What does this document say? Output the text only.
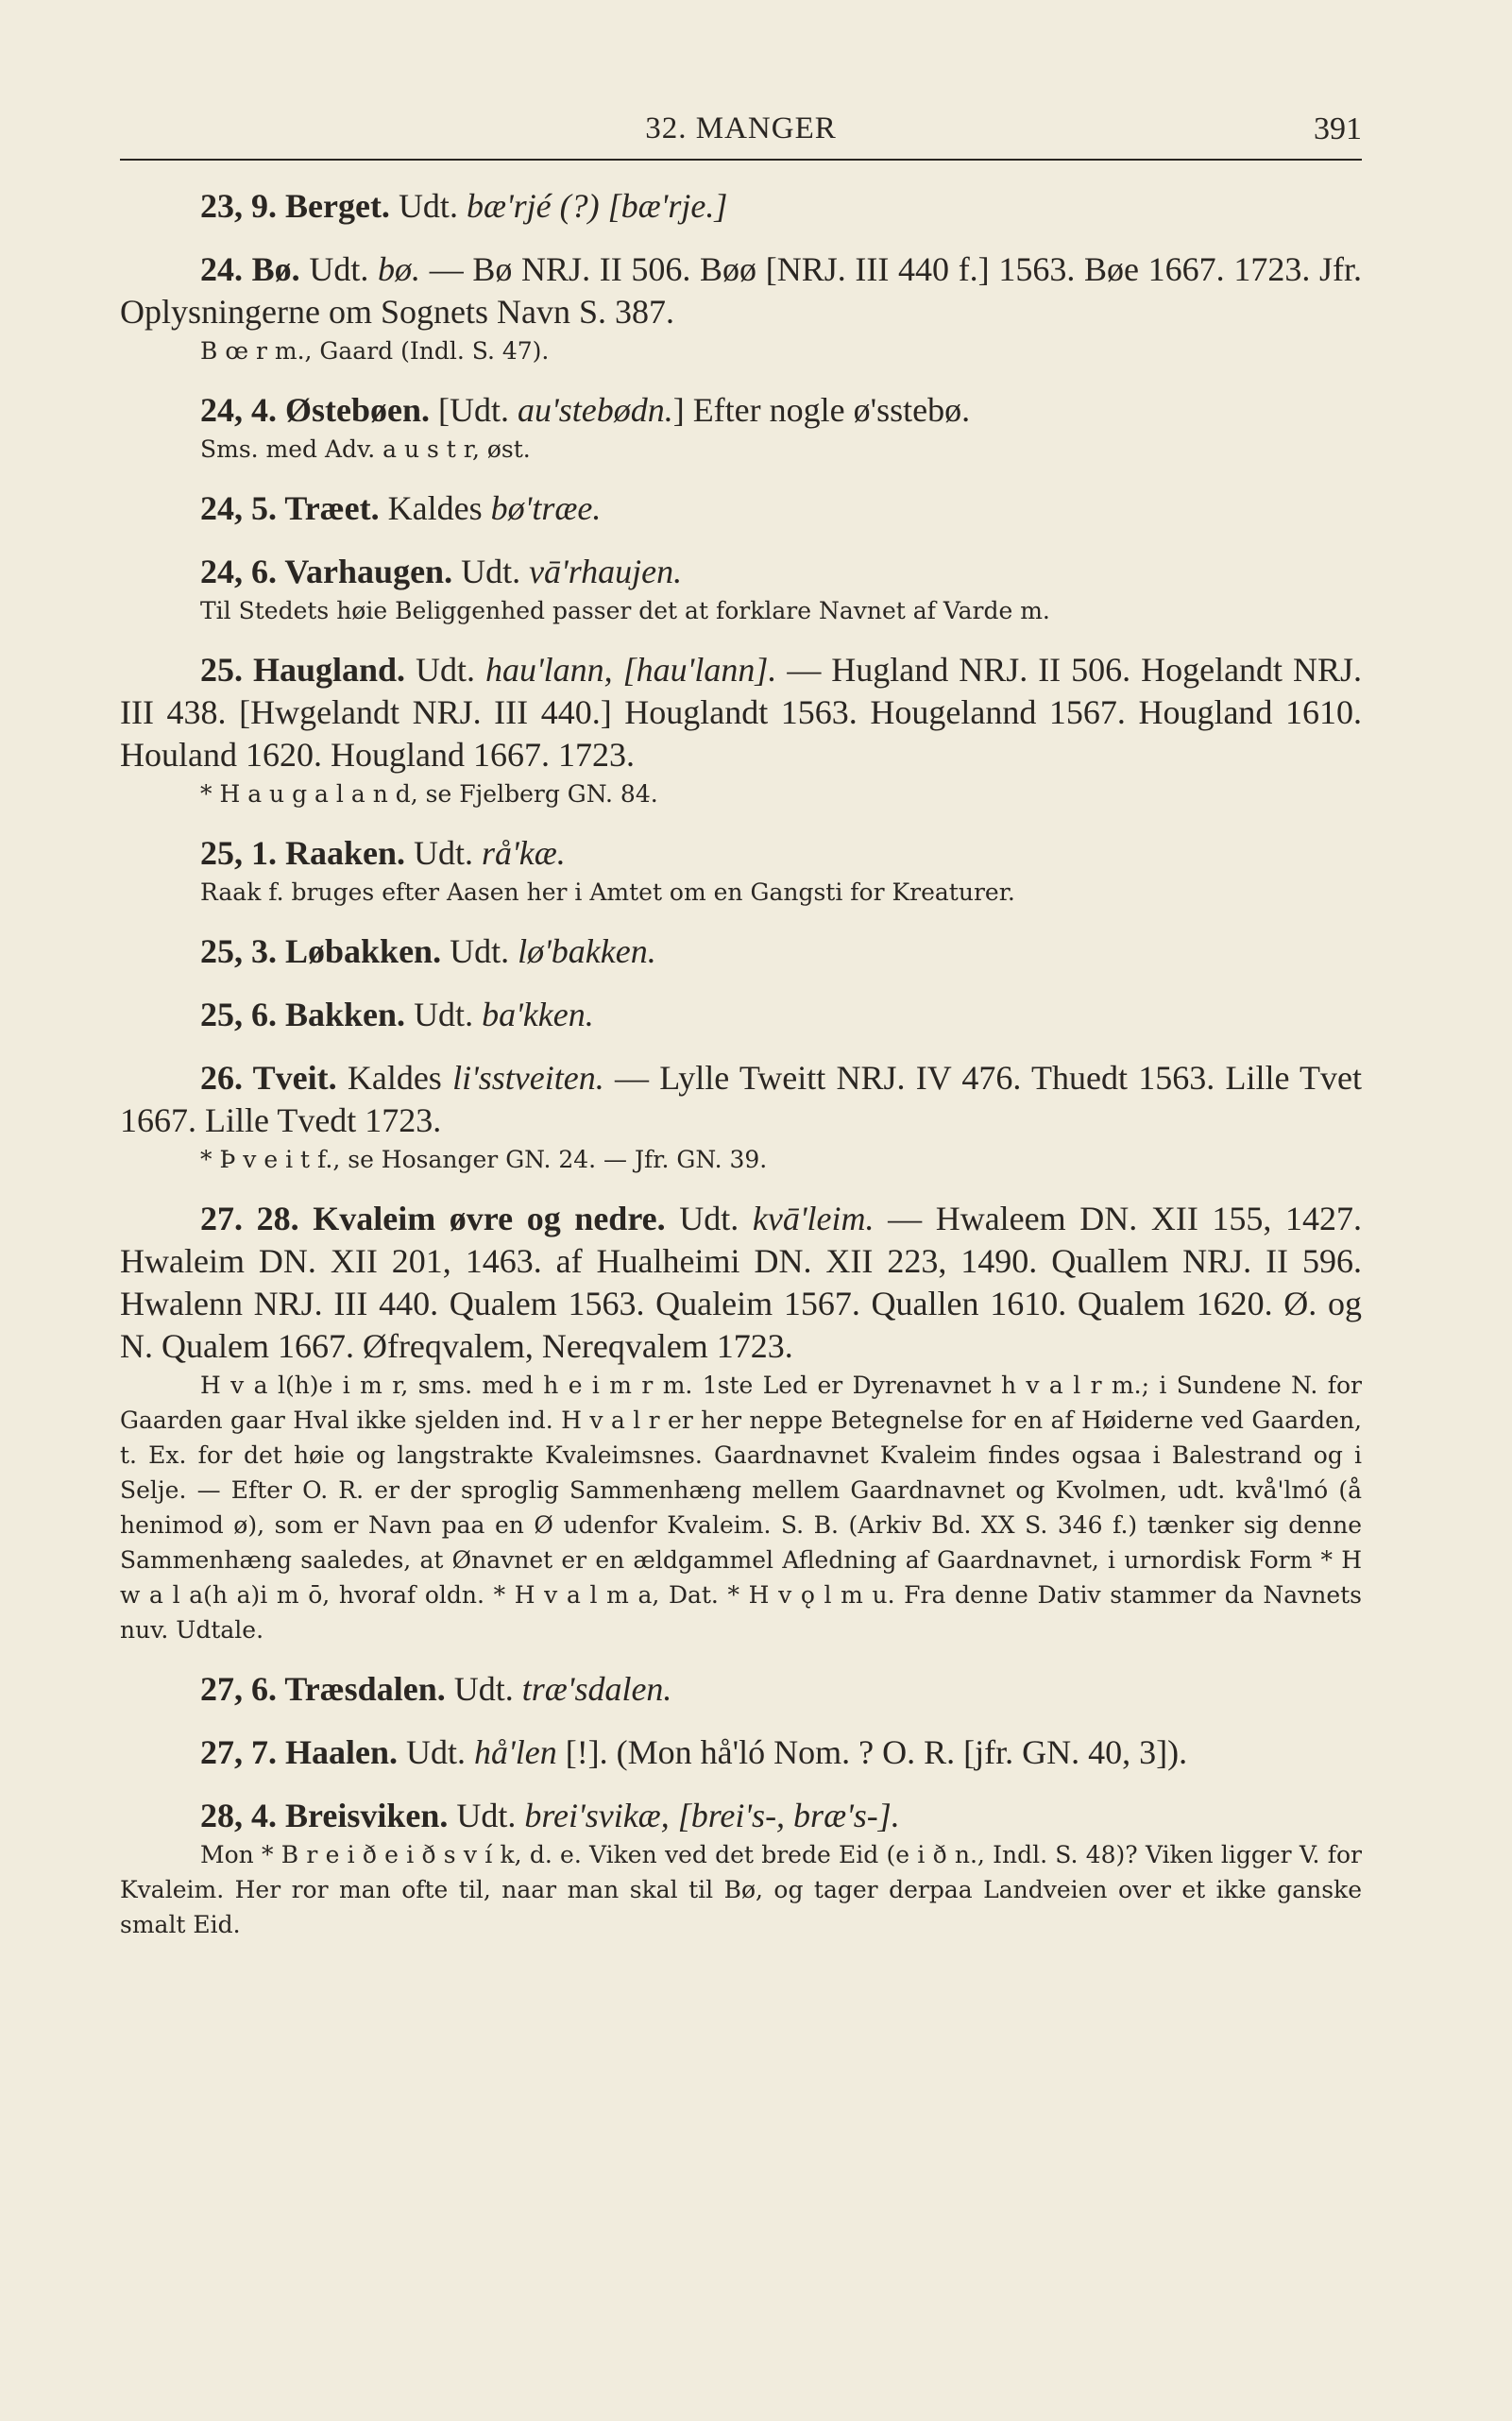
32. MANGER	391

23, 9. Berget. Udt. bæ'rjé (?) [bæ'rje.]

24. Bø. Udt. bø. — Bø NRJ. II 506. Bøø [NRJ. III 440 f.] 1563. Bøe 1667. 1723. Jfr. Oplysningerne om Sognets Navn S. 387.

B œ r m., Gaard (Indl. S. 47).

24, 4. Østebøen. [Udt. au'stebødn.] Efter nogle ø'sstebø.

Sms. med Adv. a u s t r, øst.

24, 5. Træet. Kaldes bø'træe.

24, 6. Varhaugen. Udt. vā'rhaujen.

Til Stedets høie Beliggenhed passer det at forklare Navnet af Varde m.

25. Haugland. Udt. hau'lann, [hau'lann]. — Hugland NRJ. II 506. Hogelandt NRJ. III 438. [Hwgelandt NRJ. III 440.] Houglandt 1563. Hougelannd 1567. Hougland 1610. Houland 1620. Hougland 1667. 1723.

* H a u g a l a n d, se Fjelberg GN. 84.

25, 1. Raaken. Udt. rå'kæ.

Raak f. bruges efter Aasen her i Amtet om en Gangsti for Kreaturer.

25, 3. Løbakken. Udt. lø'bakken.

25, 6. Bakken. Udt. ba'kken.

26. Tveit. Kaldes li'sstveiten. — Lylle Tweitt NRJ. IV 476. Thuedt 1563. Lille Tvet 1667. Lille Tvedt 1723.

* Þ v e i t f., se Hosanger GN. 24. — Jfr. GN. 39.

27. 28. Kvaleim øvre og nedre. Udt. kvā'leim. — Hwaleem DN. XII 155, 1427. Hwaleim DN. XII 201, 1463. af Hualheimi DN. XII 223, 1490. Quallem NRJ. II 596. Hwalenn NRJ. III 440. Qualem 1563. Qualeim 1567. Quallen 1610. Qualem 1620. Ø. og N. Qualem 1667. Øfreqvalem, Nereqvalem 1723.

H v a l(h)e i m r, sms. med h e i m r m. 1ste Led er Dyrenavnet h v a l r m.; i Sundene N. for Gaarden gaar Hval ikke sjelden ind. H v a l r er her neppe Betegnelse for en af Høiderne ved Gaarden, t. Ex. for det høie og langstrakte Kvaleimsnes. Gaardnavnet Kvaleim findes ogsaa i Balestrand og i Selje. — Efter O. R. er der sproglig Sammenhæng mellem Gaardnavnet og Kvolmen, udt. kvå'lmó (å henimod ø), som er Navn paa en Ø udenfor Kvaleim. S. B. (Arkiv Bd. XX S. 346 f.) tænker sig denne Sammenhæng saaledes, at Ønavnet er en ældgammel Afledning af Gaardnavnet, i urnordisk Form * H w a l a(h a)i m ō, hvoraf oldn. * H v a l m a, Dat. * H v ǫ l m u. Fra denne Dativ stammer da Navnets nuv. Udtale.

27, 6. Træsdalen. Udt. træ'sdalen.

27, 7. Haalen. Udt. hå'len [!]. (Mon hå'ló Nom. ? O. R. [jfr. GN. 40, 3]).

28, 4. Breisviken. Udt. brei'svikæ, [brei's-, bræ's-].

Mon * B r e i ð e i ð s v í k, d. e. Viken ved det brede Eid (e i ð n., Indl. S. 48)? Viken ligger V. for Kvaleim. Her ror man ofte til, naar man skal til Bø, og tager derpaa Landveien over et ikke ganske smalt Eid.
